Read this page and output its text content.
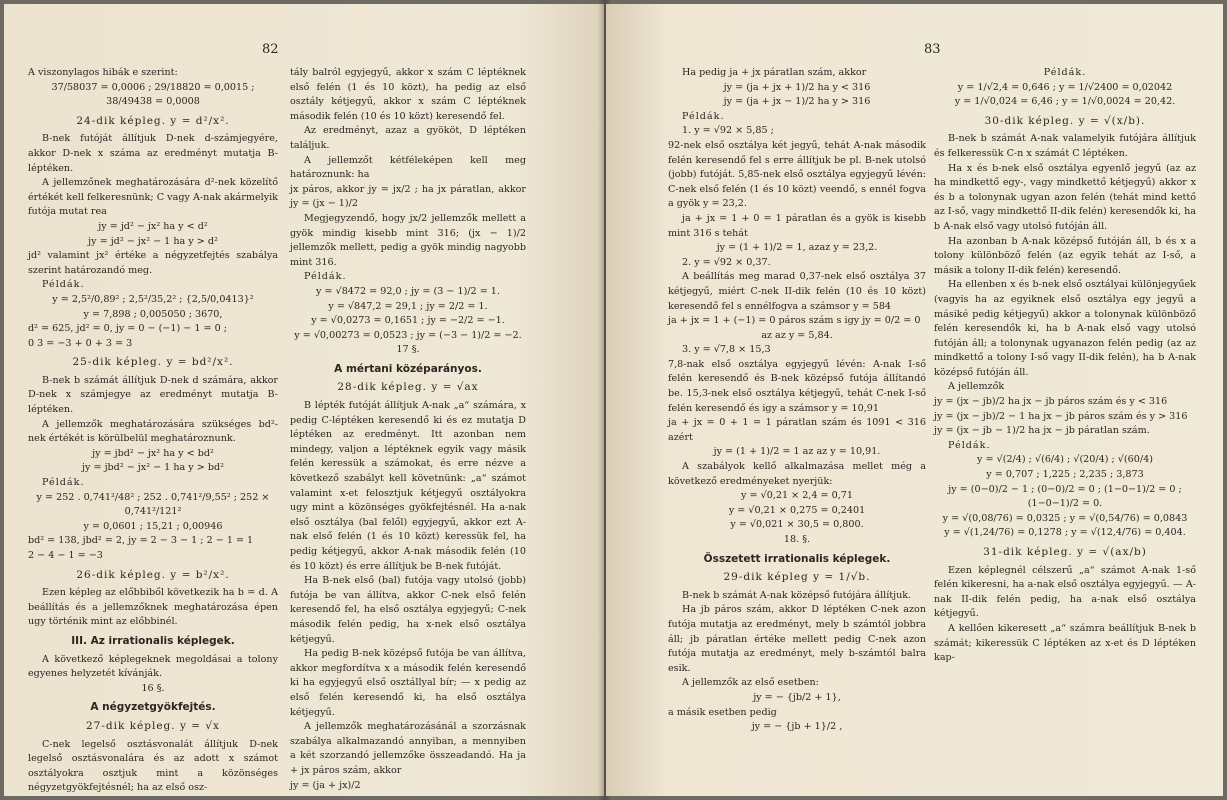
82

A viszonylagos hibák e szerint:

37/58037 = 0,0006 ; 29/18820 = 0,0015 ; 38/49438 = 0,0008

24-dik képleg. y = d²/x².

B-nek futóját állítjuk D-nek d-számjegyére, akkor D-nek x száma az eredményt mutatja B-léptéken.

A jellemzőnek meghatározására d²-nek közelítő értékét kell felkeresnünk; C vagy A-nak akármelyik futója mutat rea

jy = jd² − jx² ha y < d²

jy = jd² − jx² − 1 ha y > d²

jd² valamint jx² értéke a négyzetfejtés szabálya szerint határozandó meg.

Példák.

y = 2,5²/0,89² ; 2,5²/35,2² ; {2,5/0,0413}²

y = 7,898 ; 0,005050 ; 3670,

d² = 625, jd² = 0, jy = 0 − (−1) − 1 = 0 ;

0 3 = −3 + 0 + 3 = 3

25-dik képleg. y = bd²/x².

B-nek b számát állítjuk D-nek d számára, akkor D-nek x számjegye az eredményt mutatja B-léptéken.

A jellemzők meghatározására szükséges bd²-nek értékét is körülbelül meghatároznunk.

jy = jbd² − jx² ha y < bd²

jy = jbd² − jx² − 1 ha y > bd²

Példák.

y = 252 . 0,741²/48² ; 252 . 0,741²/9,55² ; 252 × 0,741²/121²

y = 0,0601 ; 15,21 ; 0,00946

bd² = 138, jbd² = 2, jy = 2 − 3 − 1 ; 2 − 1 = 1

2 − 4 − 1 = −3

26-dik képleg. y = b²/x².

Ezen képleg az előbbiből következik ha b = d. A beállítás és a jellemzőknek meghatározása épen ugy történik mint az előbbinél.

III. Az irrationalis képlegek.

A következő képlegeknek megoldásai a tolony egyenes helyzetét kívánják.

16 §.

A négyzetgyökfejtés.

27-dik képleg. y = √x

C-nek legelső osztásvonalát állítjuk D-nek legelső osztásvonalára és az adott x számot osztályokra osztjuk mint a közönséges négyzetgyökfejtésnél; ha az első osz-

tály balról egyjegyű, akkor x szám C léptéknek első felén (1 és 10 közt), ha pedig az első osztály kétjegyű, akkor x szám C léptéknek második felén (10 és 10 közt) keresendő fel.

Az eredményt, azaz a gyököt, D léptéken találjuk.

A jellemzőt kétféleképen kell meg határoznunk: ha

jx páros, akkor jy = jx/2 ; ha jx páratlan, akkor jy = (jx − 1)/2

Megjegyzendő, hogy jx/2 jellemzők mellett a gyök mindig kisebb mint 316; (jx − 1)/2 jellemzők mellett, pedig a gyök mindig nagyobb mint 316.

Példák.

y = √8472 = 92,0 ; jy = (3 − 1)/2 = 1.

y = √847,2 = 29,1 ; jy = 2/2 = 1.

y = √0,0273 = 0,1651 ; jy = −2/2 = −1.

y = √0,00273 = 0,0523 ; jy = (−3 − 1)/2 = −2.

17 §.

A mértani középarányos.

28-dik képleg. y = √ax

B lépték futóját állítjuk A-nak „a“ számára, x pedig C-léptéken keresendő ki és ez mutatja D léptéken az eredményt. Itt azonban nem mindegy, valjon a léptéknek egyik vagy másik felén keressük a számokat, és erre nézve a következő szabályt kell követnünk: „a“ számot valamint x-et felosztjuk kétjegyű osztályokra ugy mint a közönséges gyökfejtésnél. Ha a-nak első osztálya (bal felől) egyjegyű, akkor ezt A-nak első felén (1 és 10 közt) keressük fel, ha pedig kétjegyű, akkor A-nak második felén (10 és 10 közt) és erre állítjuk be B-nek futóját.

Ha B-nek első (bal) futója vagy utolsó (jobb) futója be van állítva, akkor C-nek első felén keresendő fel, ha első osztálya egyjegyű; C-nek második felén pedig, ha x-nek első osztálya kétjegyű.

Ha pedig B-nek középső futója be van állítva, akkor megfordítva x a második felén keresendő ki ha egyjegyű első osztállyal bír; — x pedig az első felén keresendő ki, ha első osztálya kétjegyű.

A jellemzők meghatározásánál a szorzásnak szabálya alkalmazandó annyiban, a mennyiben a két szorzandó jellemzőke összeadandó. Ha ja + jx páros szám, akkor

jy = (ja + jx)/2

83

Ha pedig ja + jx páratlan szám, akkor

jy = (ja + jx + 1)/2 ha y < 316

jy = (ja + jx − 1)/2 ha y > 316

Példák.

1. y = √92 × 5,85 ;

92-nek első osztálya két jegyű, tehát A-nak második felén keresendő fel s erre állítjuk be pl. B-nek utolsó (jobb) futóját. 5,85-nek első osztálya egyjegyű lévén: C-nek első felén (1 és 10 közt) veendő, s ennél fogva a gyök y = 23,2.

ja + jx = 1 + 0 = 1 páratlan és a gyök is kisebb mint 316 s tehát

jy = (1 + 1)/2 = 1, azaz y = 23,2.

2. y = √92 × 0,37.

A beállítás meg marad 0,37-nek első osztálya 37 kétjegyű, miért C-nek II-dik felén (10 és 10 közt) keresendő fel s ennélfogva a számsor y = 584

ja + jx = 1 + (−1) = 0 páros szám s igy jy = 0/2 = 0

az az y = 5,84.

3. y = √7,8 × 15,3

7,8-nak első osztálya egyjegyű lévén: A-nak I-ső felén keresendő és B-nek középső futója állítandó be. 15,3-nek első osztálya kétjegyű, tehát C-nek I-ső felén keresendő és igy a számsor y = 10,91

ja + jx = 0 + 1 = 1 páratlan szám és 1091 < 316 azért

jy = (1 + 1)/2 = 1 az az y = 10,91.

A szabályok kellő alkalmazása mellet még a következő eredményeket nyerjük:

y = √0,21 × 2,4 = 0,71

y = √0,21 × 0,275 = 0,2401

y = √0,021 × 30,5 = 0,800.

18. §.

Összetett irrationalis képlegek.

29-dik képleg y = 1/√b.

B-nek b számát A-nak középső futójára állítjuk.

Ha jb páros szám, akkor D léptéken C-nek azon futója mutatja az eredményt, mely b számtól jobbra áll; jb páratlan értéke mellett pedig C-nek azon futója mutatja az eredményt, mely b-számtól balra esik.

A jellemzők az első esetben:

jy = − {jb/2 + 1},

a másik esetben pedig

jy = − {jb + 1}/2 ,

Példák.

y = 1/√2,4 = 0,646 ; y = 1/√2400 = 0,02042

y = 1/√0,024 = 6,46 ; y = 1/√0,0024 = 20,42.

30-dik képleg. y = √(x/b).

B-nek b számát A-nak valamelyik futójára állítjuk és felkeressük C-n x számát C léptéken.

Ha x és b-nek első osztálya egyenlő jegyű (az az ha mindkettő egy-, vagy mindkettő kétjegyű) akkor x és b a tolonynak ugyan azon felén (tehát mind kettő az I-ső, vagy mindkettő II-dik felén) keresendők ki, ha b A-nak első vagy utolsó futóján áll.

Ha azonban b A-nak középső futóján áll, b és x a tolony különböző felén (az egyik tehát az I-ső, a másik a tolony II-dik felén) keresendő.

Ha ellenben x és b-nek első osztályai különjegyűek (vagyis ha az egyiknek első osztálya egy jegyű a másiké pedig kétjegyű) akkor a tolonynak különböző felén keresendők ki, ha b A-nak első vagy utolsó futóján áll; a tolonynak ugyanazon felén pedig (az az mindkettő a tolony I-ső vagy II-dik felén), ha b A-nak középső futóján áll.

A jellemzők

jy = (jx − jb)/2 ha jx − jb páros szám és y < 316

jy = (jx − jb)/2 − 1 ha jx − jb páros szám és y > 316

jy = (jx − jb − 1)/2 ha jx − jb páratlan szám.

Példák.

y = √(2/4) ; √(6/4) ; √(20/4) ; √(60/4)

y = 0,707 ; 1,225 ; 2,235 ; 3,873

jy = (0−0)/2 − 1 ; (0−0)/2 = 0 ; (1−0−1)/2 = 0 ; (1−0−1)/2 = 0.

y = √(0,08/76) = 0,0325 ; y = √(0,54/76) = 0,0843

y = √(1,24/76) = 0,1278 ; y = √(12,4/76) = 0,404.

31-dik képleg. y = √(ax/b)

Ezen képlegnél célszerű „a“ számot A-nak 1-ső felén kikeresni, ha a-nak első osztálya egyjegyű. — A-nak II-dik felén pedig, ha a-nak első osztálya kétjegyű.

A kellően kikeresett „a“ számra beállítjuk B-nek b számát; kikeressük C léptéken az x-et és D léptéken kap-
